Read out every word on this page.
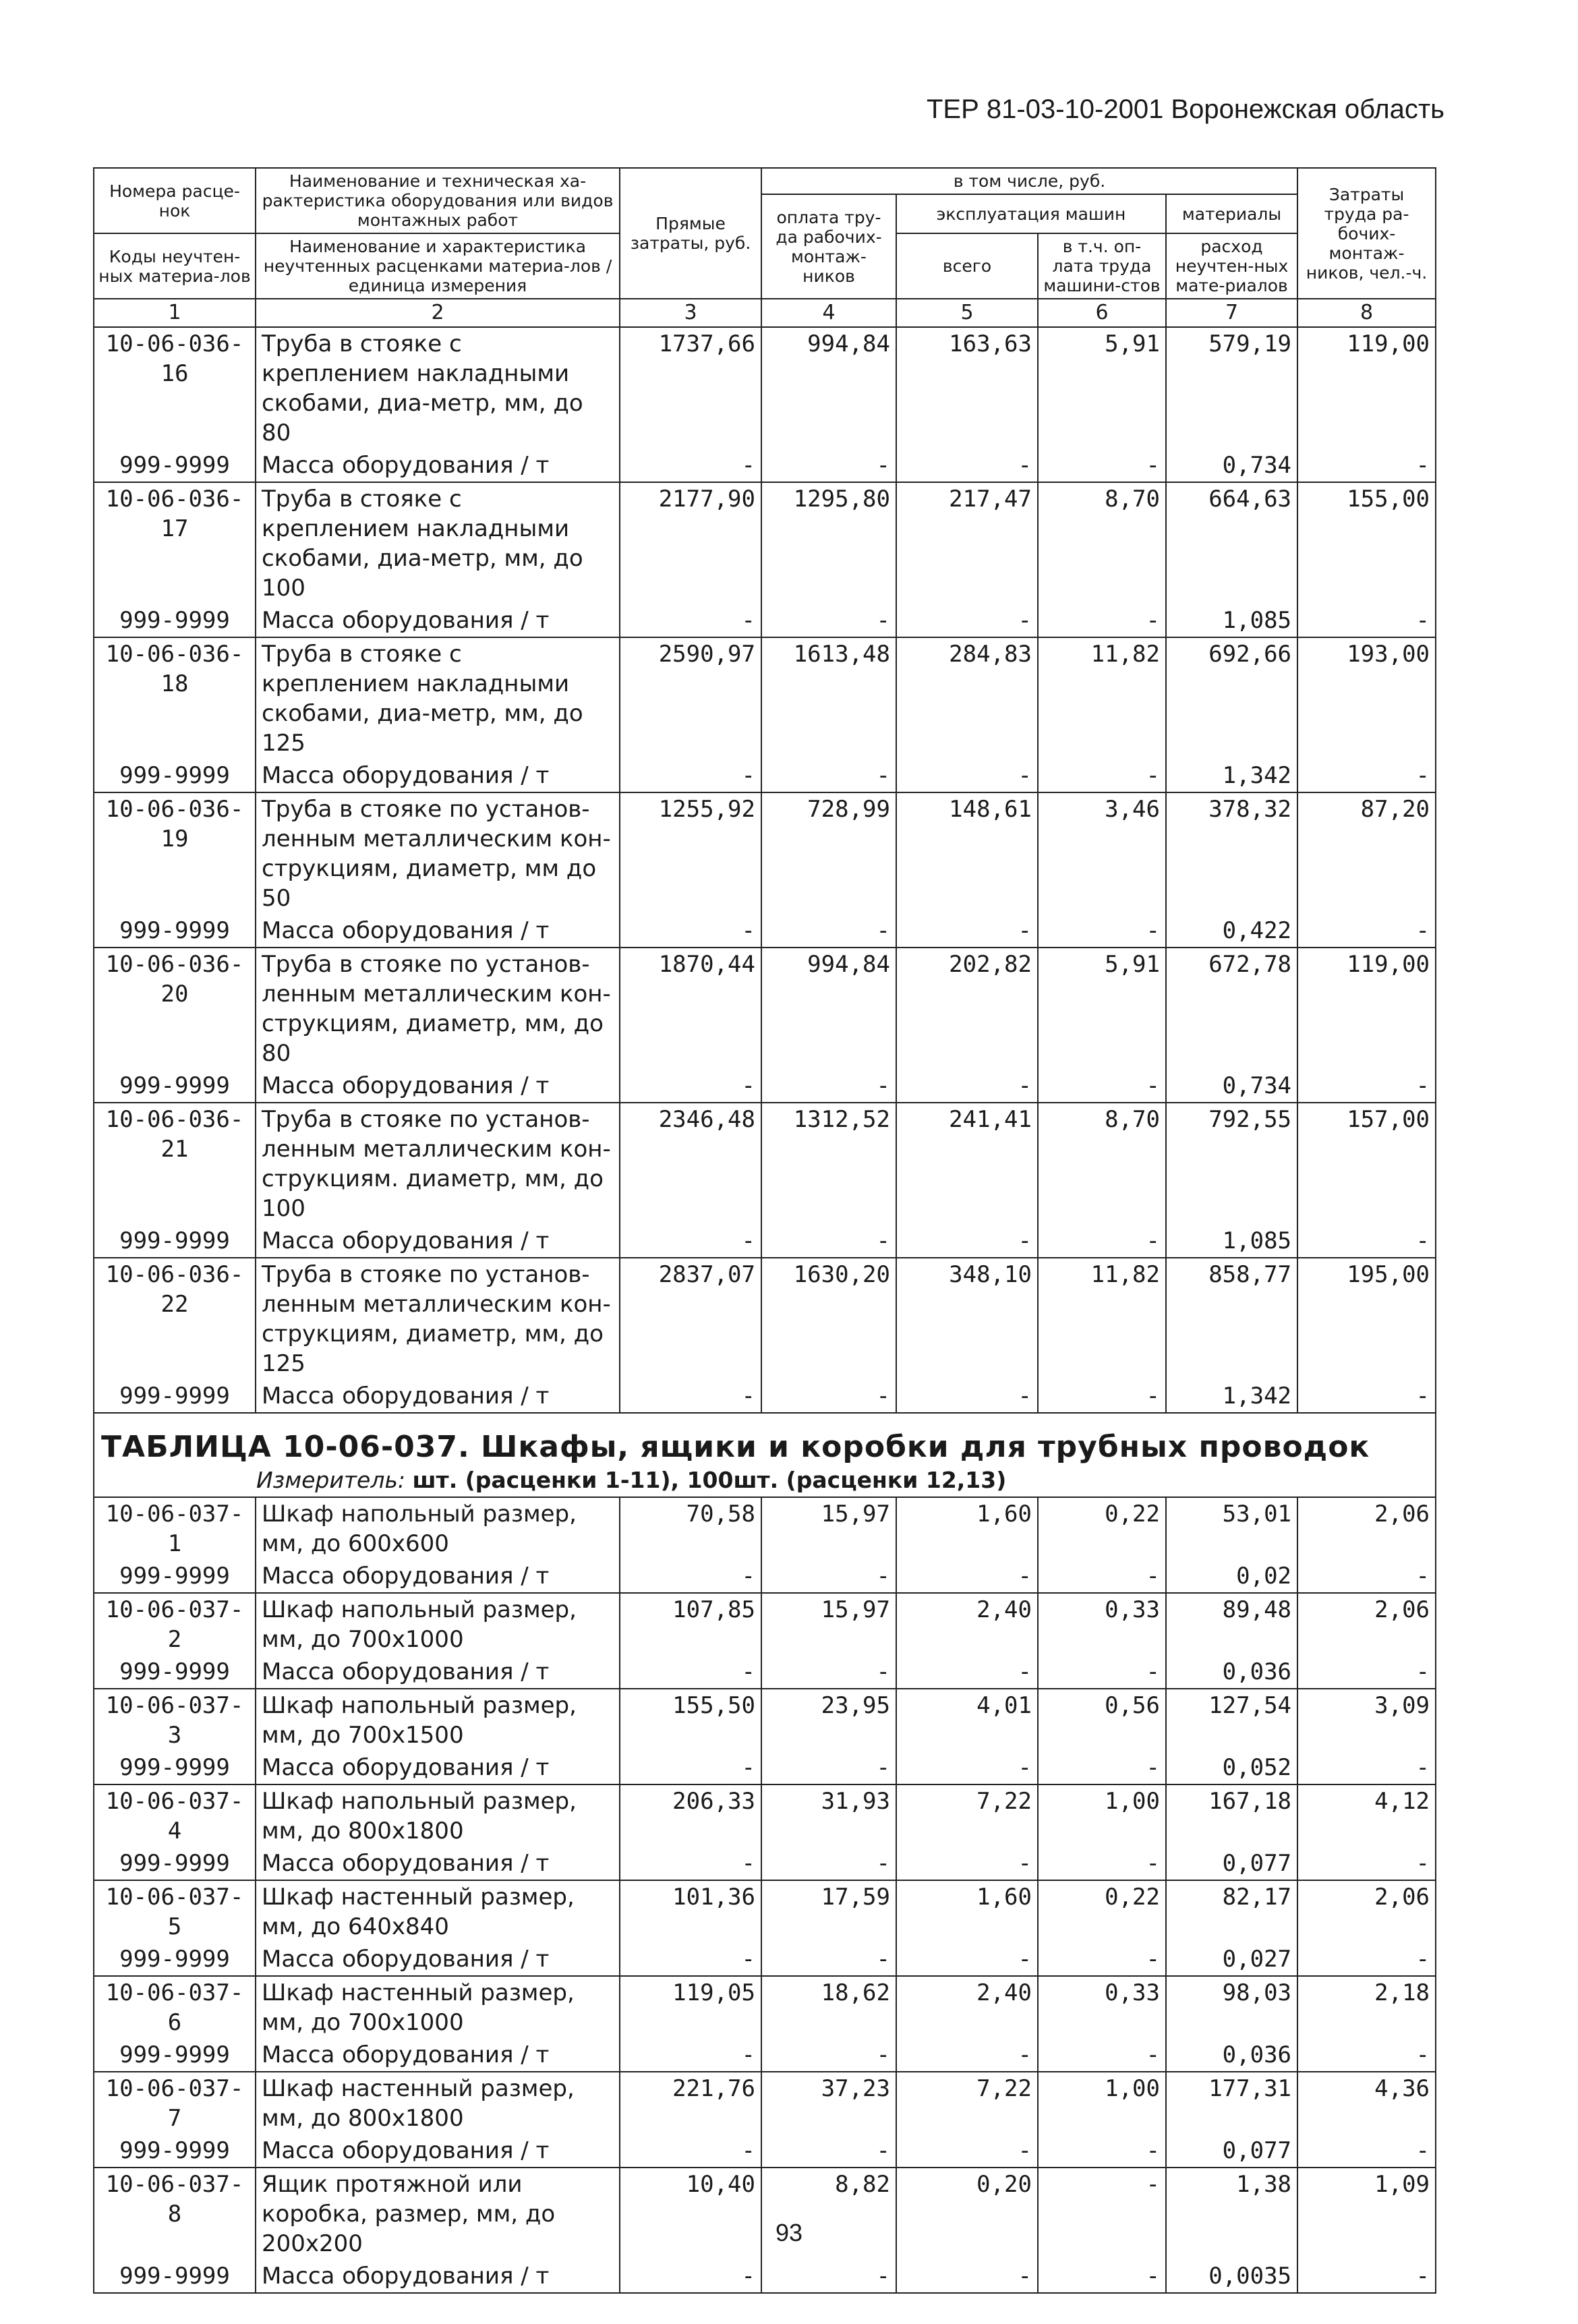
ТЕР 81-03-10-2001 Воронежская область
Номера расце-нок	Наименование и техническая ха-рактеристика оборудования или видов монтажных работ	Прямые затраты, руб.	в том числе, руб.				Затраты труда ра-бочих-монтаж-ников, чел.-ч.
			оплата тру-да рабочих-монтаж-ников	эксплуатация машин		материалы	
Коды неучтен-ных материа-лов	Наименование и характеристика неучтенных расценками материа-лов / единица измерения			всего	в т.ч. оп-лата труда машини-стов	расход неучтен-ных мате-риалов	

1	2	3	4	5	6	7	8
10-06-036-16	Труба в стояке с креплением накладными скобами, диа-метр, мм, до 80	1737,66	994,84	163,63	5,91	579,19	119,00
999-9999	Масса оборудования / т	-	-	-	-	0,734	-
10-06-036-17	Труба в стояке с креплением накладными скобами, диа-метр, мм, до 100	2177,90	1295,80	217,47	8,70	664,63	155,00
999-9999	Масса оборудования / т	-	-	-	-	1,085	-
10-06-036-18	Труба в стояке с креплением накладными скобами, диа-метр, мм, до 125	2590,97	1613,48	284,83	11,82	692,66	193,00
999-9999	Масса оборудования / т	-	-	-	-	1,342	-
10-06-036-19	Труба в стояке по установ-ленным металлическим кон-струкциям, диаметр, мм до 50	1255,92	728,99	148,61	3,46	378,32	87,20
999-9999	Масса оборудования / т	-	-	-	-	0,422	-
10-06-036-20	Труба в стояке по установ-ленным металлическим кон-струкциям, диаметр, мм, до 80	1870,44	994,84	202,82	5,91	672,78	119,00
999-9999	Масса оборудования / т	-	-	-	-	0,734	-
10-06-036-21	Труба в стояке по установ-ленным металлическим кон-струкциям. диаметр, мм, до 100	2346,48	1312,52	241,41	8,70	792,55	157,00
999-9999	Масса оборудования / т	-	-	-	-	1,085	-
10-06-036-22	Труба в стояке по установ-ленным металлическим кон-струкциям, диаметр, мм, до 125	2837,07	1630,20	348,10	11,82	858,77	195,00
999-9999	Масса оборудования / т	-	-	-	-	1,342	-
ТАБЛИЦА 10-06-037. Шкафы, ящики и коробки для трубных проводок							
Измеритель: шт. (расценки 1-11), 100шт. (расценки 12,13)							
10-06-037-1	Шкаф напольный размер, мм, до 600x600	70,58	15,97	1,60	0,22	53,01	2,06
999-9999	Масса оборудования / т	-	-	-	-	0,02	-
10-06-037-2	Шкаф напольный размер, мм, до 700x1000	107,85	15,97	2,40	0,33	89,48	2,06
999-9999	Масса оборудования / т	-	-	-	-	0,036	-
10-06-037-3	Шкаф напольный размер, мм, до 700x1500	155,50	23,95	4,01	0,56	127,54	3,09
999-9999	Масса оборудования / т	-	-	-	-	0,052	-
10-06-037-4	Шкаф напольный размер, мм, до 800x1800	206,33	31,93	7,22	1,00	167,18	4,12
999-9999	Масса оборудования / т	-	-	-	-	0,077	-
10-06-037-5	Шкаф настенный размер, мм, до 640x840	101,36	17,59	1,60	0,22	82,17	2,06
999-9999	Масса оборудования / т	-	-	-	-	0,027	-
10-06-037-6	Шкаф настенный размер, мм, до 700x1000	119,05	18,62	2,40	0,33	98,03	2,18
999-9999	Масса оборудования / т	-	-	-	-	0,036	-
10-06-037-7	Шкаф настенный размер, мм, до 800x1800	221,76	37,23	7,22	1,00	177,31	4,36
999-9999	Масса оборудования / т	-	-	-	-	0,077	-
10-06-037-8	Ящик протяжной или коробка, размер, мм, до 200x200	10,40	8,82	0,20	-	1,38	1,09
999-9999	Масса оборудования / т	-	-	-	-	0,0035	-
93
